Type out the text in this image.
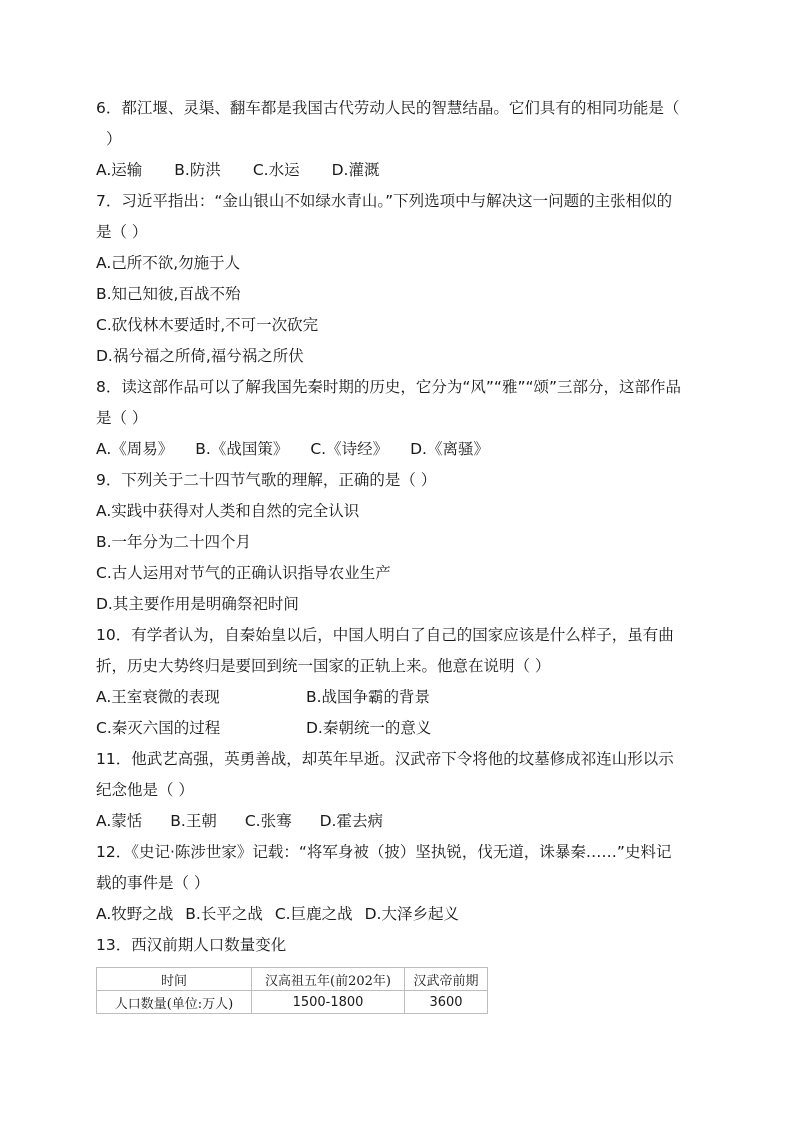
6．都江堰、灵渠、翻车都是我国古代劳动人民的智慧结晶。它们具有的相同功能是（

）

A.运输 B.防洪 C.水运 D.灌溉

7．习近平指出：“金山银山不如绿水青山。”下列选项中与解决这一问题的主张相似的

是（ ）

A.己所不欲,勿施于人

B.知己知彼,百战不殆

C.砍伐林木要适时,不可一次砍完

D.祸兮福之所倚,福兮祸之所伏

8．读这部作品可以了解我国先秦时期的历史，它分为“风”“雅”“颂”三部分，这部作品

是（ ）

A.《周易》 B.《战国策》 C.《诗经》 D.《离骚》

9．下列关于二十四节气歌的理解，正确的是（ ）

A.实践中获得对人类和自然的完全认识

B.一年分为二十四个月

C.古人运用对节气的正确认识指导农业生产

D.其主要作用是明确祭祀时间

10．有学者认为，自秦始皇以后，中国人明白了自己的国家应该是什么样子，虽有曲

折，历史大势终归是要回到统一国家的正轨上来。他意在说明（ ）

A.王室衰微的表现	B.战国争霸的背景
C.秦灭六国的过程	D.秦朝统一的意义

11．他武艺高强，英勇善战，却英年早逝。汉武帝下令将他的坟墓修成祁连山形以示

纪念他是（ ）

A.蒙恬 B.王朝 C.张骞 D.霍去病

12．《史记·陈涉世家》记载：“将军身被（披）坚执锐，伐无道，诛暴秦……”史料记

载的事件是（ ）

A.牧野之战 B.长平之战 C.巨鹿之战 D.大泽乡起义

13．西汉前期人口数量变化

时间	汉高祖五年(前202年)	汉武帝前期
人口数量(单位:万人)	1500-1800	3600
